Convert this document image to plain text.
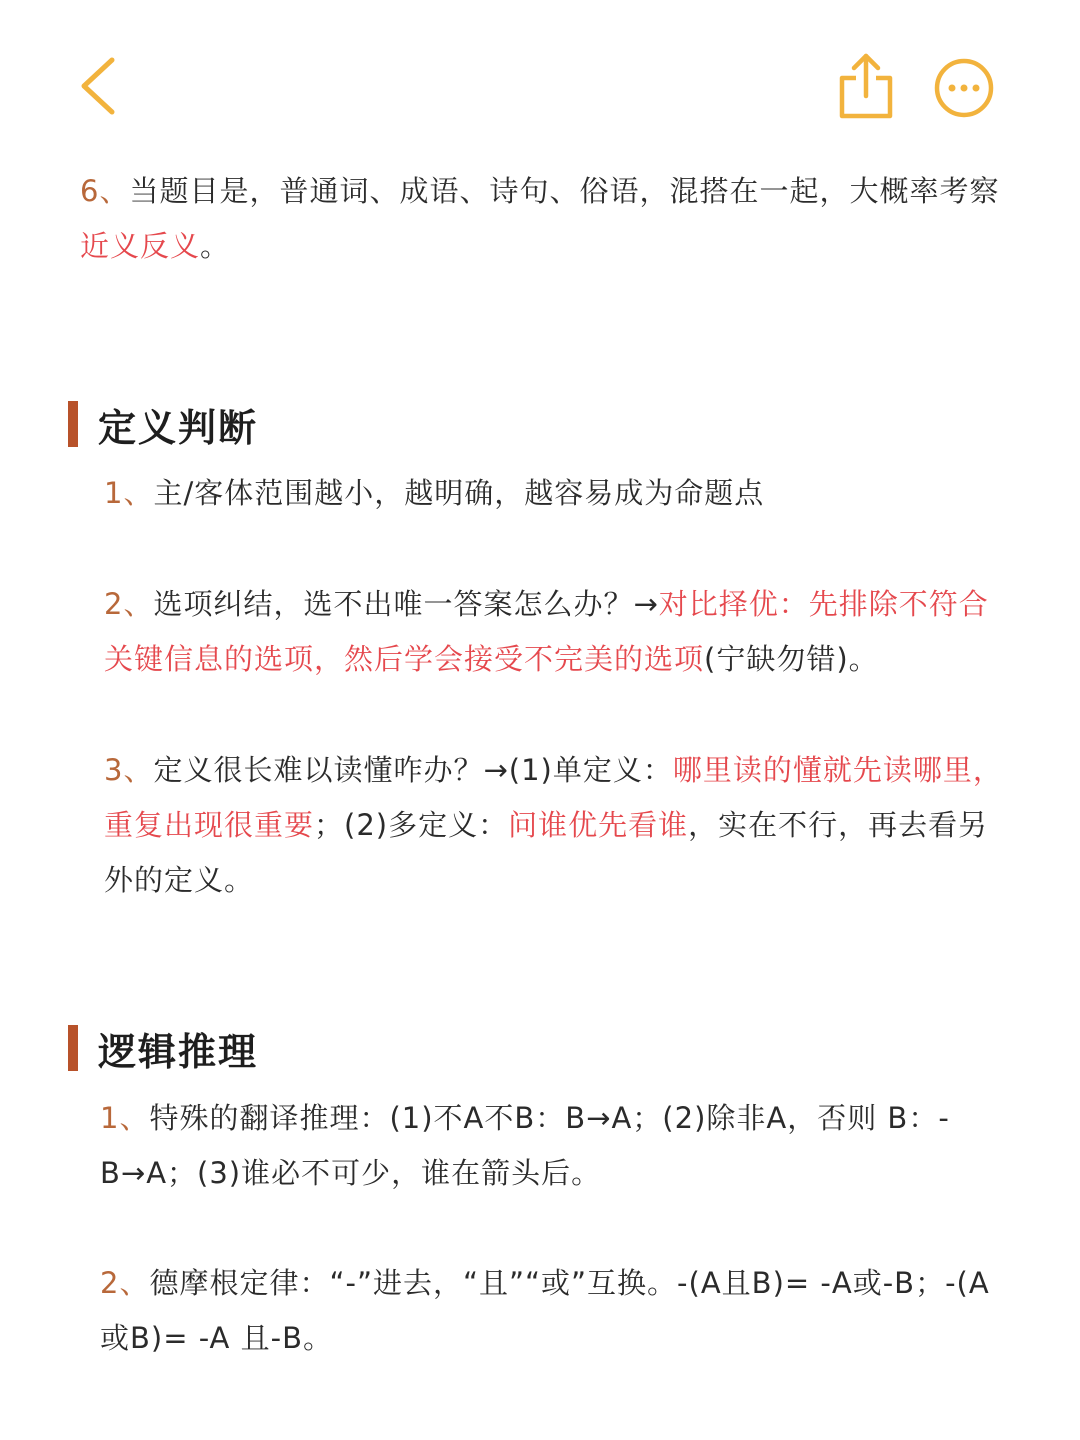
6、当题目是，普通词、成语、诗句、俗语，混搭在一起，大概率考察近义反义。
定义判断
1、主/客体范围越小，越明确，越容易成为命题点
2、选项纠结，选不出唯一答案怎么办？→对比择优：先排除不符合关键信息的选项，然后学会接受不完美的选项(宁缺勿错)。
3、定义很长难以读懂咋办？→(1)单定义：哪里读的懂就先读哪里，重复出现很重要；(2)多定义：问谁优先看谁，实在不行，再去看另外的定义。
逻辑推理
1、特殊的翻译推理：(1)不A不B：B→A；(2)除非A，否则 B：-B→A；(3)谁必不可少，谁在箭头后。
2、德摩根定律：“-”进去，“且”“或”互换。-(A且B)= -A或-B；-(A或B)= -A 且-B。
